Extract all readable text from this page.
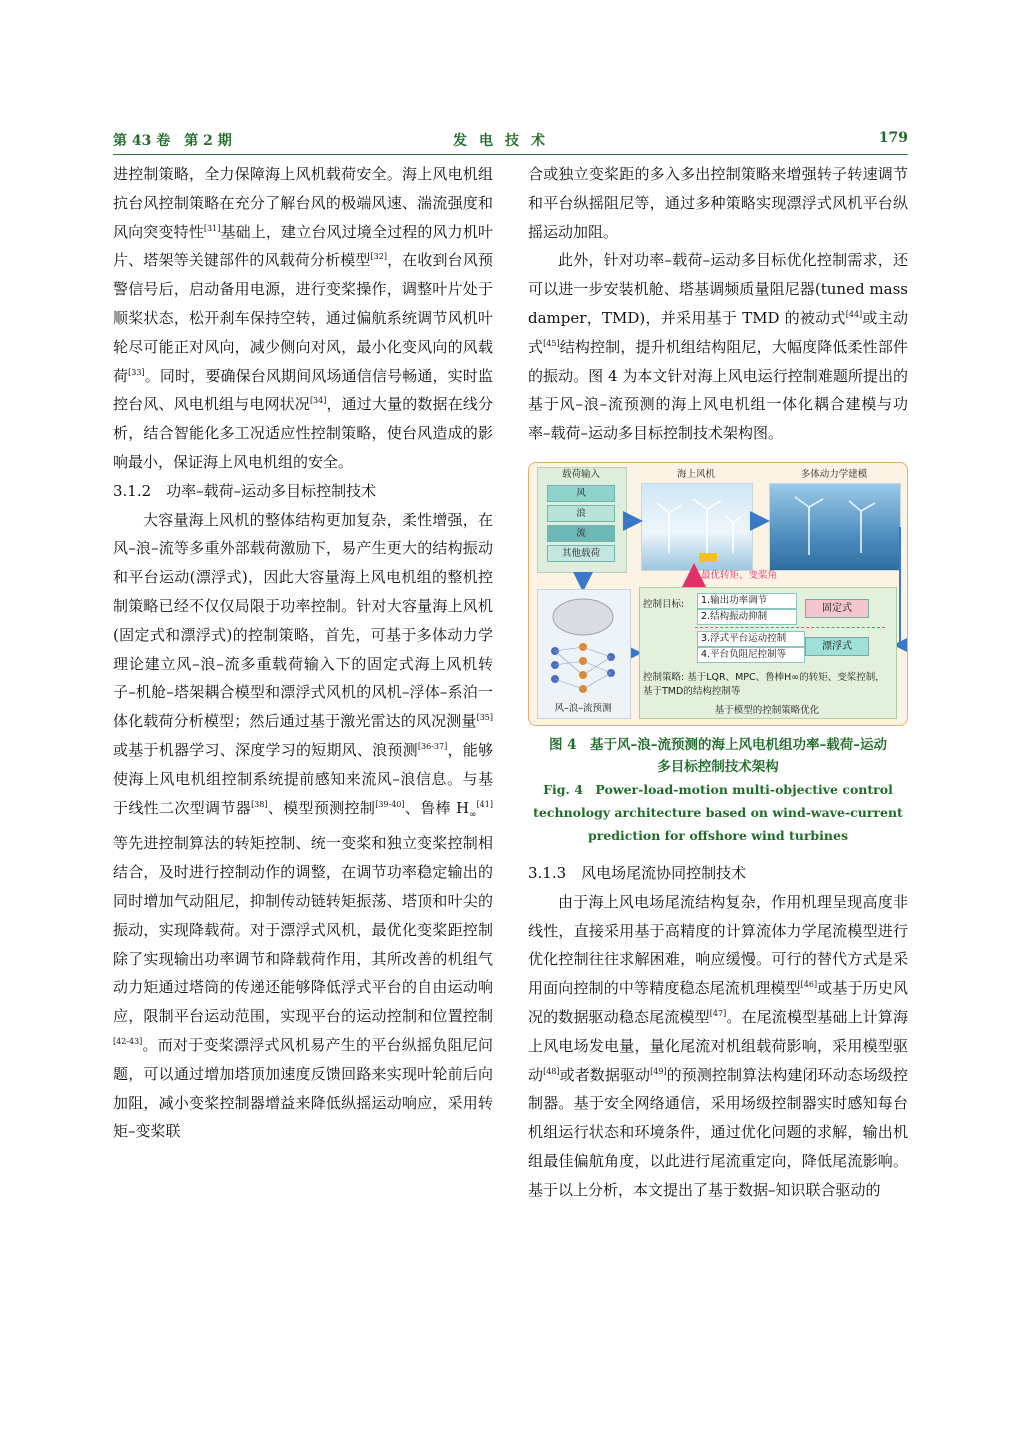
第 43 卷　第 2 期	发电技术	179

进控制策略，全力保障海上风机载荷安全。海上风电机组抗台风控制策略在充分了解台风的极端风速、湍流强度和风向突变特性[31]基础上，建立台风过境全过程的风力机叶片、塔架等关键部件的风载荷分析模型[32]，在收到台风预警信号后，启动备用电源，进行变桨操作，调整叶片处于顺桨状态，松开刹车保持空转，通过偏航系统调节风机叶轮尽可能正对风向，减少侧向对风，最小化变风向的风载荷[33]。同时，要确保台风期间风场通信信号畅通，实时监控台风、风电机组与电网状况[34]，通过大量的数据在线分析，结合智能化多工况适应性控制策略，使台风造成的影响最小，保证海上风电机组的安全。

3.1.2　功率–载荷–运动多目标控制技术

大容量海上风机的整体结构更加复杂，柔性增强，在风–浪–流等多重外部载荷激励下，易产生更大的结构振动和平台运动(漂浮式)，因此大容量海上风电机组的整机控制策略已经不仅仅局限于功率控制。针对大容量海上风机(固定式和漂浮式)的控制策略，首先，可基于多体动力学理论建立风–浪–流多重载荷输入下的固定式海上风机转子–机舱–塔架耦合模型和漂浮式风机的风机–浮体–系泊一体化载荷分析模型；然后通过基于激光雷达的风况测量[35]或基于机器学习、深度学习的短期风、浪预测[36-37]，能够使海上风电机组控制系统提前感知来流风–浪信息。与基于线性二次型调节器[38]、模型预测控制[39-40]、鲁棒 $H_\infty[41]$等先进控制算法的转矩控制、统一变桨和独立变桨控制相结合，及时进行控制动作的调整，在调节功率稳定输出的同时增加气动阻尼，抑制传动链转矩振荡、塔顶和叶尖的振动，实现降载荷。对于漂浮式风机，最优化变桨距控制除了实现输出功率调节和降载荷作用，其所改善的机组气动力矩通过塔筒的传递还能够降低浮式平台的自由运动响应，限制平台运动范围，实现平台的运动控制和位置控制[42-43]。而对于变桨漂浮式风机易产生的平台纵摇负阻尼问题，可以通过增加塔顶加速度反馈回路来实现叶轮前后向加阻，减小变桨控制器增益来降低纵摇运动响应，采用转矩–变桨联

合或独立变桨距的多入多出控制策略来增强转子转速调节和平台纵摇阻尼等，通过多种策略实现漂浮式风机平台纵摇运动加阻。

此外，针对功率–载荷–运动多目标优化控制需求，还可以进一步安装机舱、塔基调频质量阻尼器(tuned mass damper，TMD)，并采用基于 TMD 的被动式[44]或主动式[45]结构控制，提升机组结构阻尼，大幅度降低柔性部件的振动。图 4 为本文针对海上风电运行控制难题所提出的基于风–浪–流预测的海上风电机组一体化耦合建模与功率–载荷–运动多目标控制技术架构图。

载荷输入
风
浪
流
其他载荷
海上风机	多体动力学建模
最优转矩、变桨角
风–浪–流预测
控制目标:	1.输出功率调节
2.结构振动抑制
固定式
3.浮式平台运动控制
4.平台负阻尼控制等
漂浮式
控制策略: 基于LQR、MPC、鲁棒H∞的转矩、变桨控制，基于TMD的结构控制等
基于模型的控制策略优化
图 4　基于风–浪–流预测的海上风电机组功率–载荷–运动
多目标控制技术架构
Fig. 4　Power-load-motion multi-objective control
technology architecture based on wind-wave-current
prediction for offshore wind turbines

3.1.3　风电场尾流协同控制技术

由于海上风电场尾流结构复杂，作用机理呈现高度非线性，直接采用基于高精度的计算流体力学尾流模型进行优化控制往往求解困难，响应缓慢。可行的替代方式是采用面向控制的中等精度稳态尾流机理模型[46]或基于历史风况的数据驱动稳态尾流模型[47]。在尾流模型基础上计算海上风电场发电量，量化尾流对机组载荷影响，采用模型驱动[48]或者数据驱动[49]的预测控制算法构建闭环动态场级控制器。基于安全网络通信，采用场级控制器实时感知每台机组运行状态和环境条件，通过优化问题的求解，输出机组最佳偏航角度，以此进行尾流重定向，降低尾流影响。基于以上分析，本文提出了基于数据–知识联合驱动的
